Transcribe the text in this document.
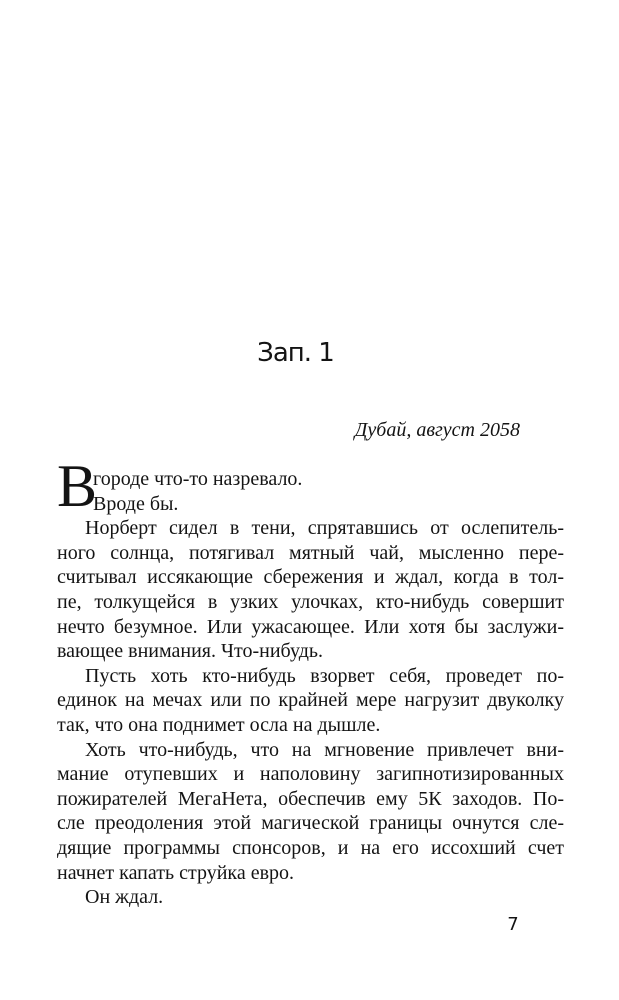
Зап. 1
Дубай, август 2058
В
городе что-то назревало.
Вроде бы.
Норберт сидел в тени, спрятавшись от ослепитель-
ного солнца, потягивал мятный чай, мысленно пере-
считывал иссякающие сбережения и ждал, когда в тол-
пе, толкущейся в узких улочках, кто-нибудь совершит
нечто безумное. Или ужасающее. Или хотя бы заслужи-
вающее внимания. Что-нибудь.
Пусть хоть кто-нибудь взорвет себя, проведет по-
единок на мечах или по крайней мере нагрузит двуколку
так, что она поднимет осла на дышле.
Хоть что-нибудь, что на мгновение привлечет вни-
мание отупевших и наполовину загипнотизированных
пожирателей МегаНета, обеспечив ему 5К заходов. По-
сле преодоления этой магической границы очнутся сле-
дящие программы спонсоров, и на его иссохший счет
начнет капать струйка евро.
Он ждал.
7
